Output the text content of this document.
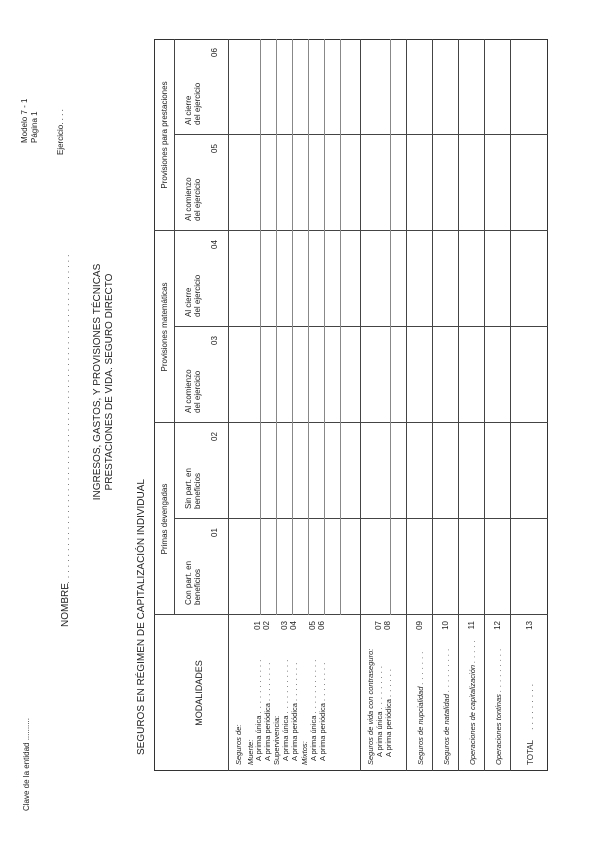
Clave de la entidad ..........
Modelo 7 - 1 Página 1 Ejercicio. . . .
NOMBRE
. . . . . . . . . . . . . . . . . . . . . . . . . . . . . . . . . . . . . . . . . . . . . . . . . . . . . . . . . . . . . . INGRESOS, GASTOS, Y PROVISIONES TÉCNICAS PRESTACIONES DE VIDA. SEGURO DIRECTO
SEGUROS EN RÉGIMEN DE CAPITALIZACIÓN INDIVIDUAL Primas devengadas
Provisiones matemáticas
Provisiones para prestaciones
MODALIDADES
Con part. en beneficios
01
Sin part. en beneficios
02
Al comienzo del ejercicio
03
Al cierre del ejercicio
04
Al comienzo del ejercicio
05
Al cierre del ejercicio
06
Seguros de: Muerte: A prima única . . . . . . . . . . .
01
A prima periódica . . . . . . . .
02
Supervivencia: A prima única . . . . . . . . . . .
03
A prima periódica . . . . . . . .
04
Mixtos: A prima única . . . . . . . . . . .
05
A prima periódica . . . . . . . .
06
Seguros de vida con contraseguro: A prima única . . . . . . . . .
07
A prima periódica . . . . . .
08
Seguros de nupcialidad . . . . . . .
09
Seguros de natalidad . . . . . . . . .
10
Operaciones de capitalización . . . . .
11
Operaciones tontinas . . . . . . . . .
12
TOTAL    . . . . . . . . .
13
